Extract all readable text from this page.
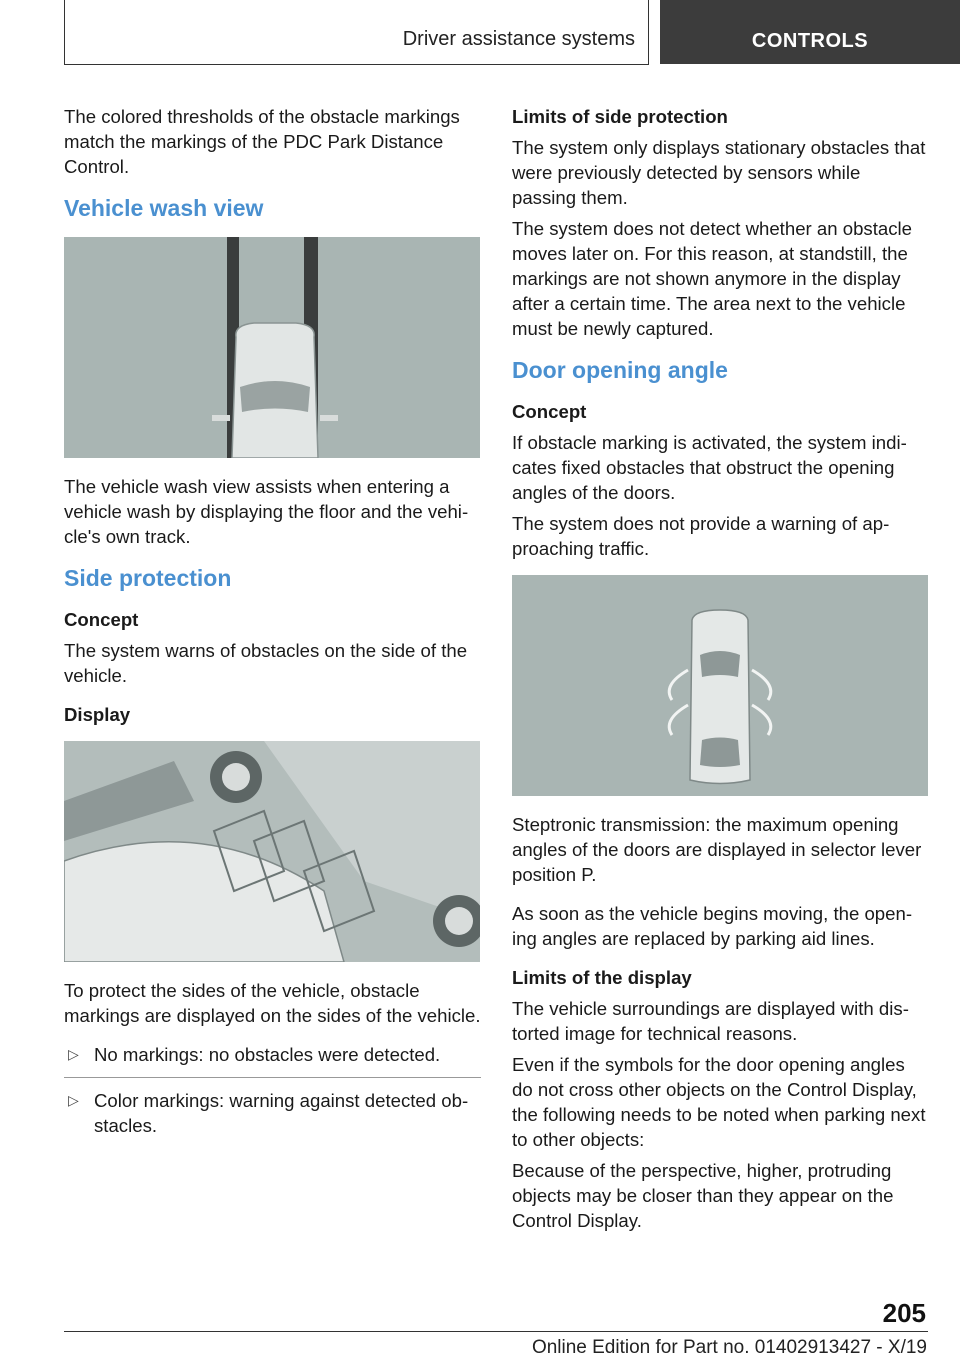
Driver assistance systems	CONTROLS

The colored thresholds of the obstacle markings match the markings of the PDC Park Distance Control.

Vehicle wash view

The vehicle wash view assists when entering a vehicle wash by displaying the floor and the vehicle's own track.

Side protection
Concept

The system warns of obstacles on the side of the vehicle.

Display

To protect the sides of the vehicle, obstacle markings are displayed on the sides of the vehicle.

▷ No markings: no obstacles were detected.
▷ Color markings: warning against detected obstacles.
Limits of side protection

The system only displays stationary obstacles that were previously detected by sensors while passing them.

The system does not detect whether an obstacle moves later on. For this reason, at standstill, the markings are not shown anymore in the display after a certain time. The area next to the vehicle must be newly captured.

Door opening angle
Concept

If obstacle marking is activated, the system indicates fixed obstacles that obstruct the opening angles of the doors.

The system does not provide a warning of approaching traffic.

Steptronic transmission: the maximum opening angles of the doors are displayed in selector lever position P.

As soon as the vehicle begins moving, the opening angles are replaced by parking aid lines.

Limits of the display

The vehicle surroundings are displayed with distorted image for technical reasons.

Even if the symbols for the door opening angles do not cross other objects on the Control Display, the following needs to be noted when parking next to other objects:

Because of the perspective, higher, protruding objects may be closer than they appear on the Control Display.

205
Online Edition for Part no. 01402913427 - X/19
